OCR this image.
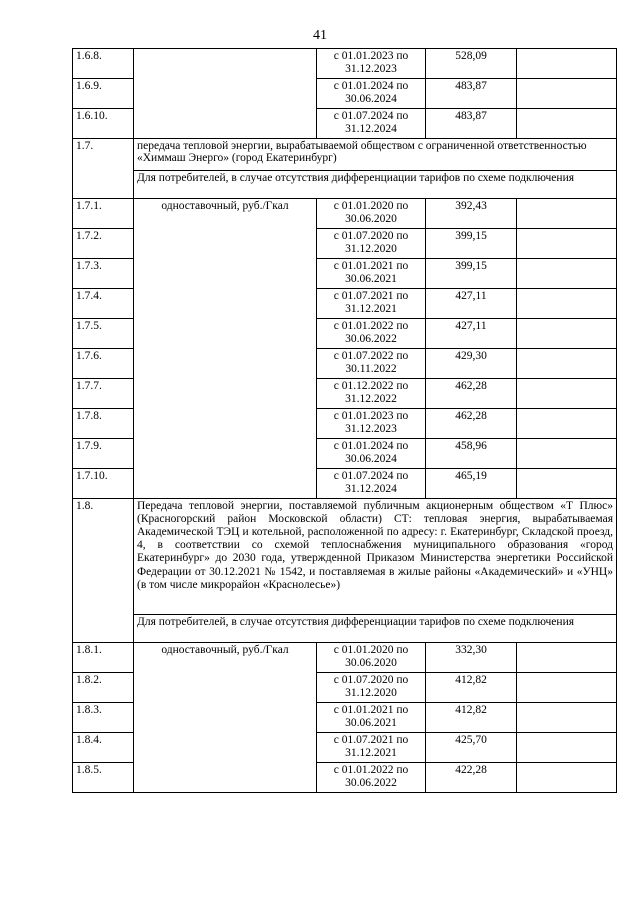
41
1.6.8.		с 01.01.2023 по 31.12.2023	528,09	
1.6.9.		с 01.01.2024 по 30.06.2024	483,87	
1.6.10.		с 01.07.2024 по 31.12.2024	483,87	
1.7.	передача тепловой энергии, вырабатываемой обществом с ограниченной ответственностью «Химмаш Энерго» (город Екатеринбург)			
	Для потребителей, в случае отсутствия дифференциации тарифов по схеме подключения			
1.7.1.	одноставочный, руб./Гкал	с 01.01.2020 по 30.06.2020	392,43	
1.7.2.		с 01.07.2020 по 31.12.2020	399,15	
1.7.3.		с 01.01.2021 по 30.06.2021	399,15	
1.7.4.		с 01.07.2021 по 31.12.2021	427,11	
1.7.5.		с 01.01.2022 по 30.06.2022	427,11	
1.7.6.		с 01.07.2022 по 30.11.2022	429,30	
1.7.7.		с 01.12.2022 по 31.12.2022	462,28	
1.7.8.		с 01.01.2023 по 31.12.2023	462,28	
1.7.9.		с 01.01.2024 по 30.06.2024	458,96	
1.7.10.		с 01.07.2024 по 31.12.2024	465,19	
1.8.	Передача тепловой энергии, поставляемой публичным акционерным обществом «Т Плюс» (Красногорский район Московской области) СТ: тепловая энергия, вырабатываемая Академической ТЭЦ и котельной, расположенной по адресу: г. Екатеринбург, Складской проезд, 4, в соответствии со схемой теплоснабжения муниципального образования «город Екатеринбург» до 2030 года, утвержденной Приказом Министерства энергетики Российской Федерации от 30.12.2021 № 1542, и поставляемая в жилые районы «Академический» и «УНЦ» (в том числе микрорайон «Краснолесье»)			
	Для потребителей, в случае отсутствия дифференциации тарифов по схеме подключения			
1.8.1.	одноставочный, руб./Гкал	с 01.01.2020 по 30.06.2020	332,30	
1.8.2.		с 01.07.2020 по 31.12.2020	412,82	
1.8.3.		с 01.01.2021 по 30.06.2021	412,82	
1.8.4.		с 01.07.2021 по 31.12.2021	425,70	
1.8.5.		с 01.01.2022 по 30.06.2022	422,28	
